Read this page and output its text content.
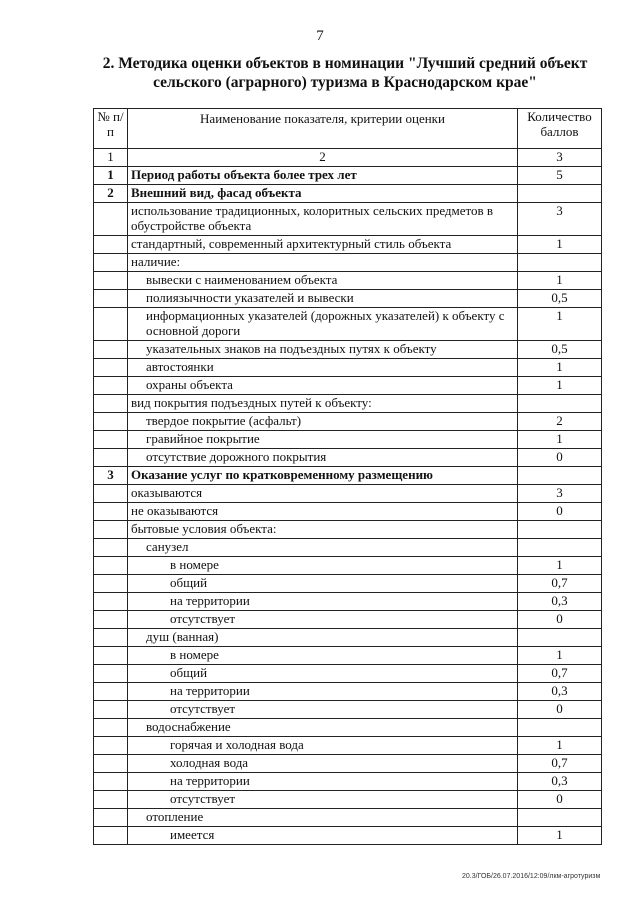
7
2. Методика оценки объектов в номинации "Лучший средний объект
сельского (аграрного) туризма в Краснодарском крае"
№ п/п	Наименование показателя, критерии оценки	Количество баллов
1	2	3
1	Период работы объекта более трех лет	5
2	Внешний вид, фасад объекта	
	использование традиционных, колоритных сельских предметов в обустройстве объекта	3
	стандартный, современный архитектурный стиль объекта	1
	наличие:	
	вывески с наименованием объекта	1
	полиязычности указателей и вывески	0,5
	информационных указателей (дорожных указателей) к объекту с основной дороги	1
	указательных знаков на подъездных путях к объекту	0,5
	автостоянки	1
	охраны объекта	1
	вид покрытия подъездных путей к объекту:	
	твердое покрытие (асфальт)	2
	гравийное покрытие	1
	отсутствие дорожного покрытия	0
3	Оказание услуг по кратковременному размещению	
	оказываются	3
	не оказываются	0
	бытовые условия объекта:	
	санузел	
	в номере	1
	общий	0,7
	на территории	0,3
	отсутствует	0
	душ (ванная)	
	в номере	1
	общий	0,7
	на территории	0,3
	отсутствует	0
	водоснабжение	
	горячая и холодная вода	1
	холодная вода	0,7
	на территории	0,3
	отсутствует	0
	отопление	
	имеется	1
20.3/ГОБ/26.07.2016/12:09/лкм-агротуризм
